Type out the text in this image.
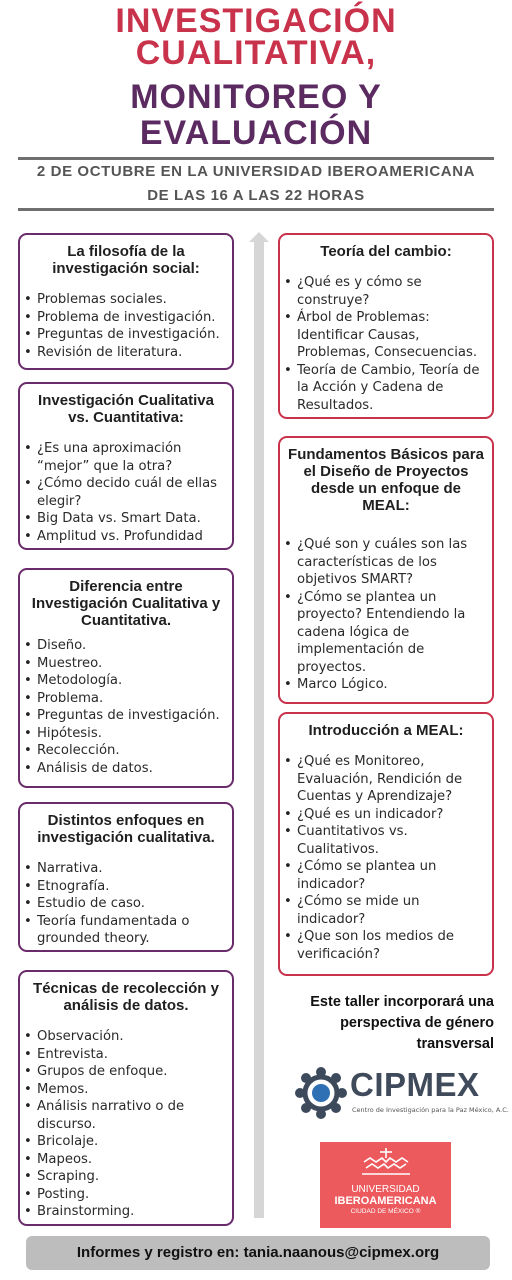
INVESTIGACIÓN
CUALITATIVA,
MONITOREO Y
EVALUACIÓN
2 DE OCTUBRE EN LA UNIVERSIDAD IBEROAMERICANA
DE LAS 16 A LAS 22 HORAS
La filosofía de la investigación social:
• Problemas sociales.
• Problema de investigación.
• Preguntas de investigación.
• Revisión de literatura.
Investigación Cualitativa vs. Cuantitativa:
• ¿Es una aproximación “mejor” que la otra?
• ¿Cómo decido cuál de ellas elegir?
• Big Data vs. Smart Data.
• Amplitud vs. Profundidad
Diferencia entre Investigación Cualitativa y Cuantitativa.
• Diseño.
• Muestreo.
• Metodología.
• Problema.
• Preguntas de investigación.
• Hipótesis.
• Recolección.
• Análisis de datos.
Distintos enfoques en investigación cualitativa.
• Narrativa.
• Etnografía.
• Estudio de caso.
• Teoría fundamentada o grounded theory.
Técnicas de recolección y análisis de datos.
• Observación.
• Entrevista.
• Grupos de enfoque.
• Memos.
• Análisis narrativo o de discurso.
• Bricolaje.
• Mapeos.
• Scraping.
• Posting.
• Brainstorming.
Teoría del cambio:
• ¿Qué es y cómo se construye?
• Árbol de Problemas: Identificar Causas, Problemas, Consecuencias.
• Teoría de Cambio, Teoría de la Acción y Cadena de Resultados.
Fundamentos Básicos para el Diseño de Proyectos desde un enfoque de MEAL:
• ¿Qué son y cuáles son las características de los objetivos SMART?
• ¿Cómo se plantea un proyecto? Entendiendo la cadena lógica de implementación de proyectos.
• Marco Lógico.
Introducción a MEAL:
• ¿Qué es Monitoreo, Evaluación, Rendición de Cuentas y Aprendizaje?
• ¿Qué es un indicador?
• Cuantitativos vs. Cualitativos.
• ¿Cómo se plantea un indicador?
• ¿Cómo se mide un indicador?
• ¿Que son los medios de verificación?
Este taller incorporará una perspectiva de género transversal
CIPMEX
Centro de Investigación para la Paz México, A.C.
UNIVERSIDAD
IBEROAMERICANA
CIUDAD DE MÉXICO ®
Informes y registro en: tania.naanous@cipmex.org
